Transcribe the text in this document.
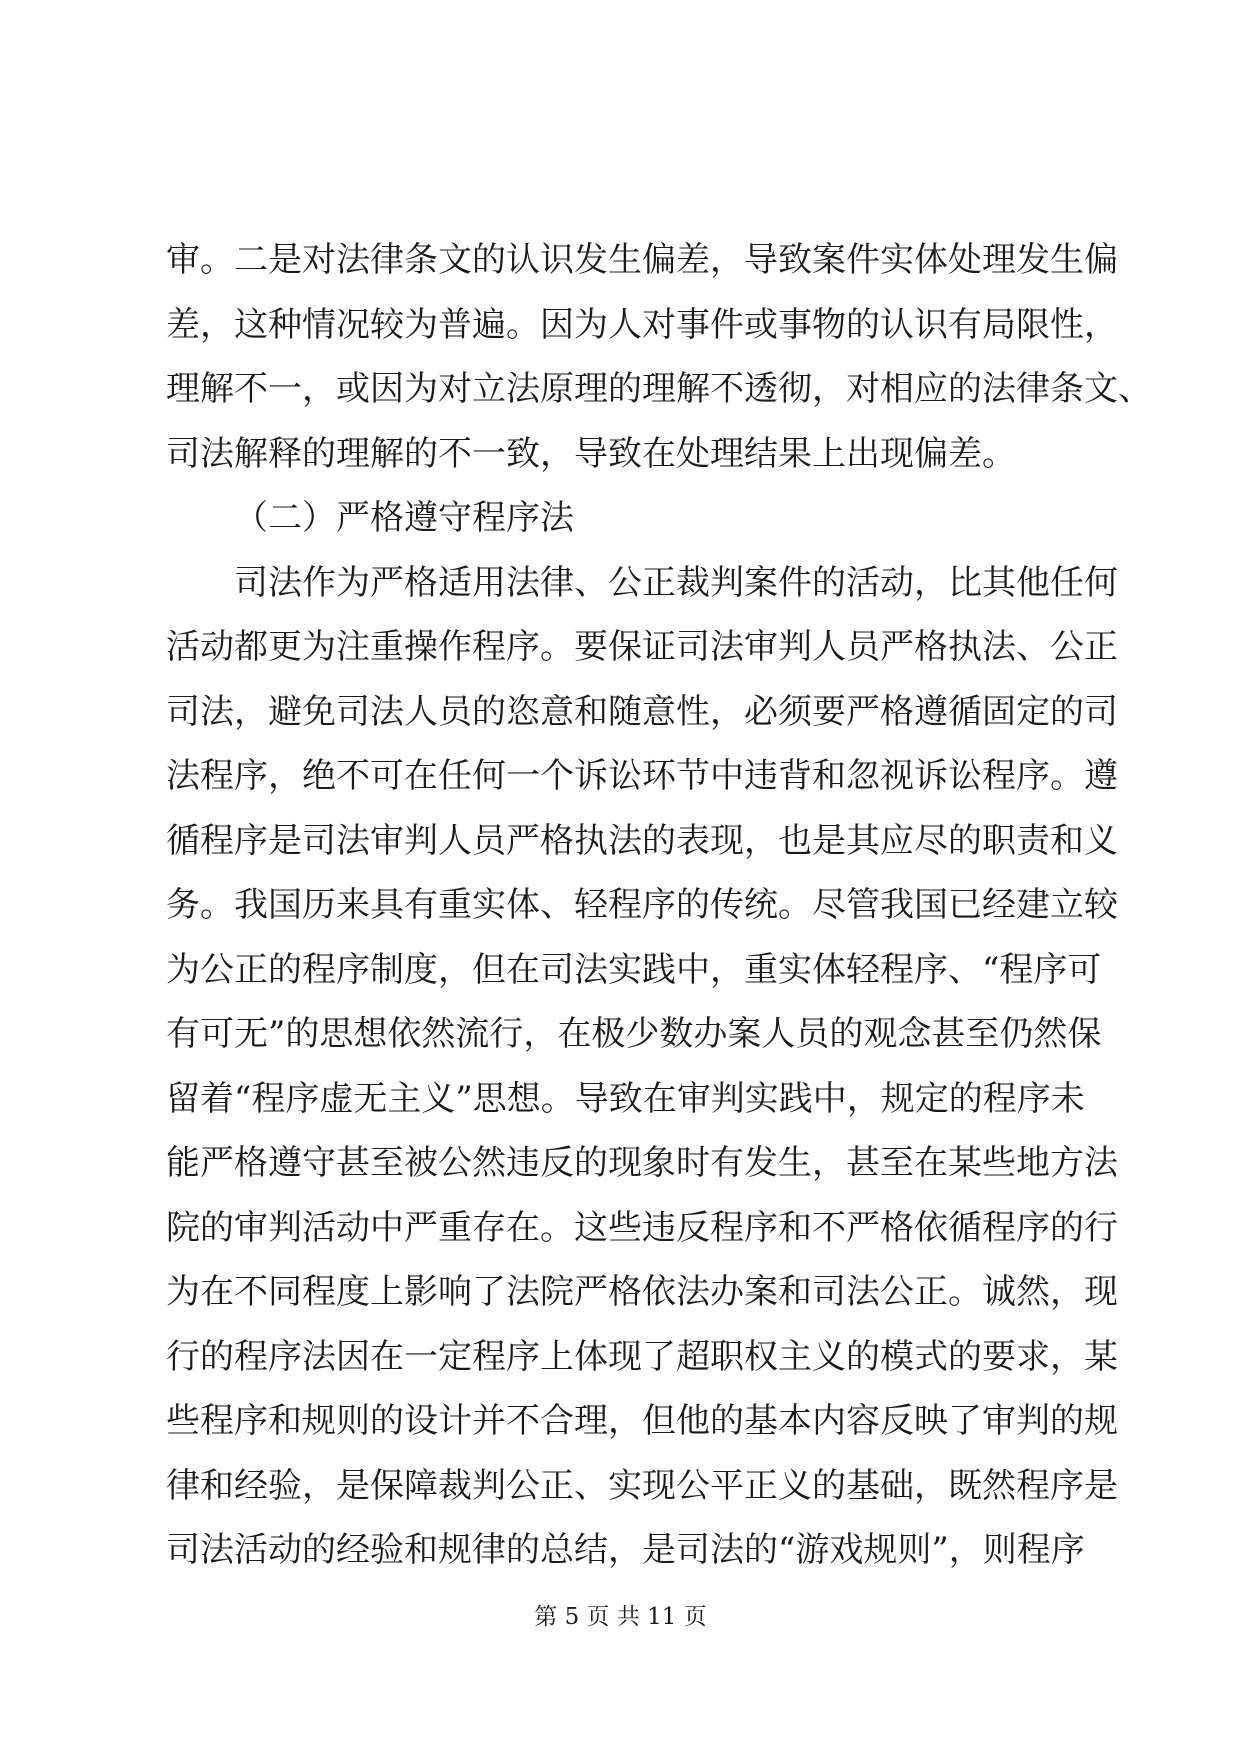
审。二是对法律条文的认识发生偏差，导致案件实体处理发生偏
差，这种情况较为普遍。因为人对事件或事物的认识有局限性，
理解不一，或因为对立法原理的理解不透彻，对相应的法律条文、
司法解释的理解的不一致，导致在处理结果上出现偏差。
（二）严格遵守程序法
司法作为严格适用法律、公正裁判案件的活动，比其他任何
活动都更为注重操作程序。要保证司法审判人员严格执法、公正
司法，避免司法人员的恣意和随意性，必须要严格遵循固定的司
法程序，绝不可在任何一个诉讼环节中违背和忽视诉讼程序。遵
循程序是司法审判人员严格执法的表现，也是其应尽的职责和义
务。我国历来具有重实体、轻程序的传统。尽管我国已经建立较
为公正的程序制度，但在司法实践中，重实体轻程序、“程序可
有可无”的思想依然流行，在极少数办案人员的观念甚至仍然保
留着“程序虚无主义”思想。导致在审判实践中，规定的程序未
能严格遵守甚至被公然违反的现象时有发生，甚至在某些地方法
院的审判活动中严重存在。这些违反程序和不严格依循程序的行
为在不同程度上影响了法院严格依法办案和司法公正。诚然，现
行的程序法因在一定程序上体现了超职权主义的模式的要求，某
些程序和规则的设计并不合理，但他的基本内容反映了审判的规
律和经验，是保障裁判公正、实现公平正义的基础，既然程序是
司法活动的经验和规律的总结，是司法的“游戏规则”，则程序
第 5 页 共 11 页
